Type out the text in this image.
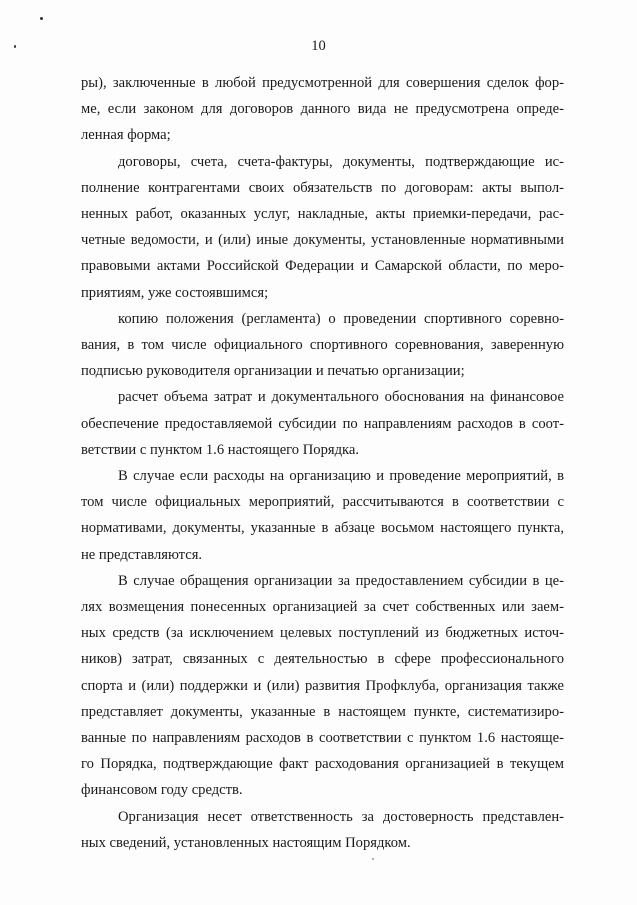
10
ры), заключенные в любой предусмотренной для совершения сделок фор-
ме, если законом для договоров данного вида не предусмотрена опреде-
ленная форма;
договоры, счета, счета-фактуры, документы, подтверждающие ис-
полнение контрагентами своих обязательств по договорам: акты выпол-
ненных работ, оказанных услуг, накладные, акты приемки-передачи, рас-
четные ведомости, и (или) иные документы, установленные нормативными
правовыми актами Российской Федерации и Самарской области, по меро-
приятиям, уже состоявшимся;
копию положения (регламента) о проведении спортивного соревно-
вания, в том числе официального спортивного соревнования, заверенную
подписью руководителя организации и печатью организации;
расчет объема затрат и документального обоснования на финансовое
обеспечение предоставляемой субсидии по направлениям расходов в соот-
ветствии с пунктом 1.6 настоящего Порядка.
В случае если расходы на организацию и проведение мероприятий, в
том числе официальных мероприятий, рассчитываются в соответствии с
нормативами, документы, указанные в абзаце восьмом настоящего пункта,
не представляются.
В случае обращения организации за предоставлением субсидии в це-
лях возмещения понесенных организацией за счет собственных или заем-
ных средств (за исключением целевых поступлений из бюджетных источ-
ников) затрат, связанных с деятельностью в сфере профессионального
спорта и (или) поддержки и (или) развития Профклуба, организация также
представляет документы, указанные в настоящем пункте, систематизиро-
ванные по направлениям расходов в соответствии с пунктом 1.6 настояще-
го Порядка, подтверждающие факт расходования организацией в текущем
финансовом году средств.
Организация несет ответственность за достоверность представлен-
ных сведений, установленных настоящим Порядком.
